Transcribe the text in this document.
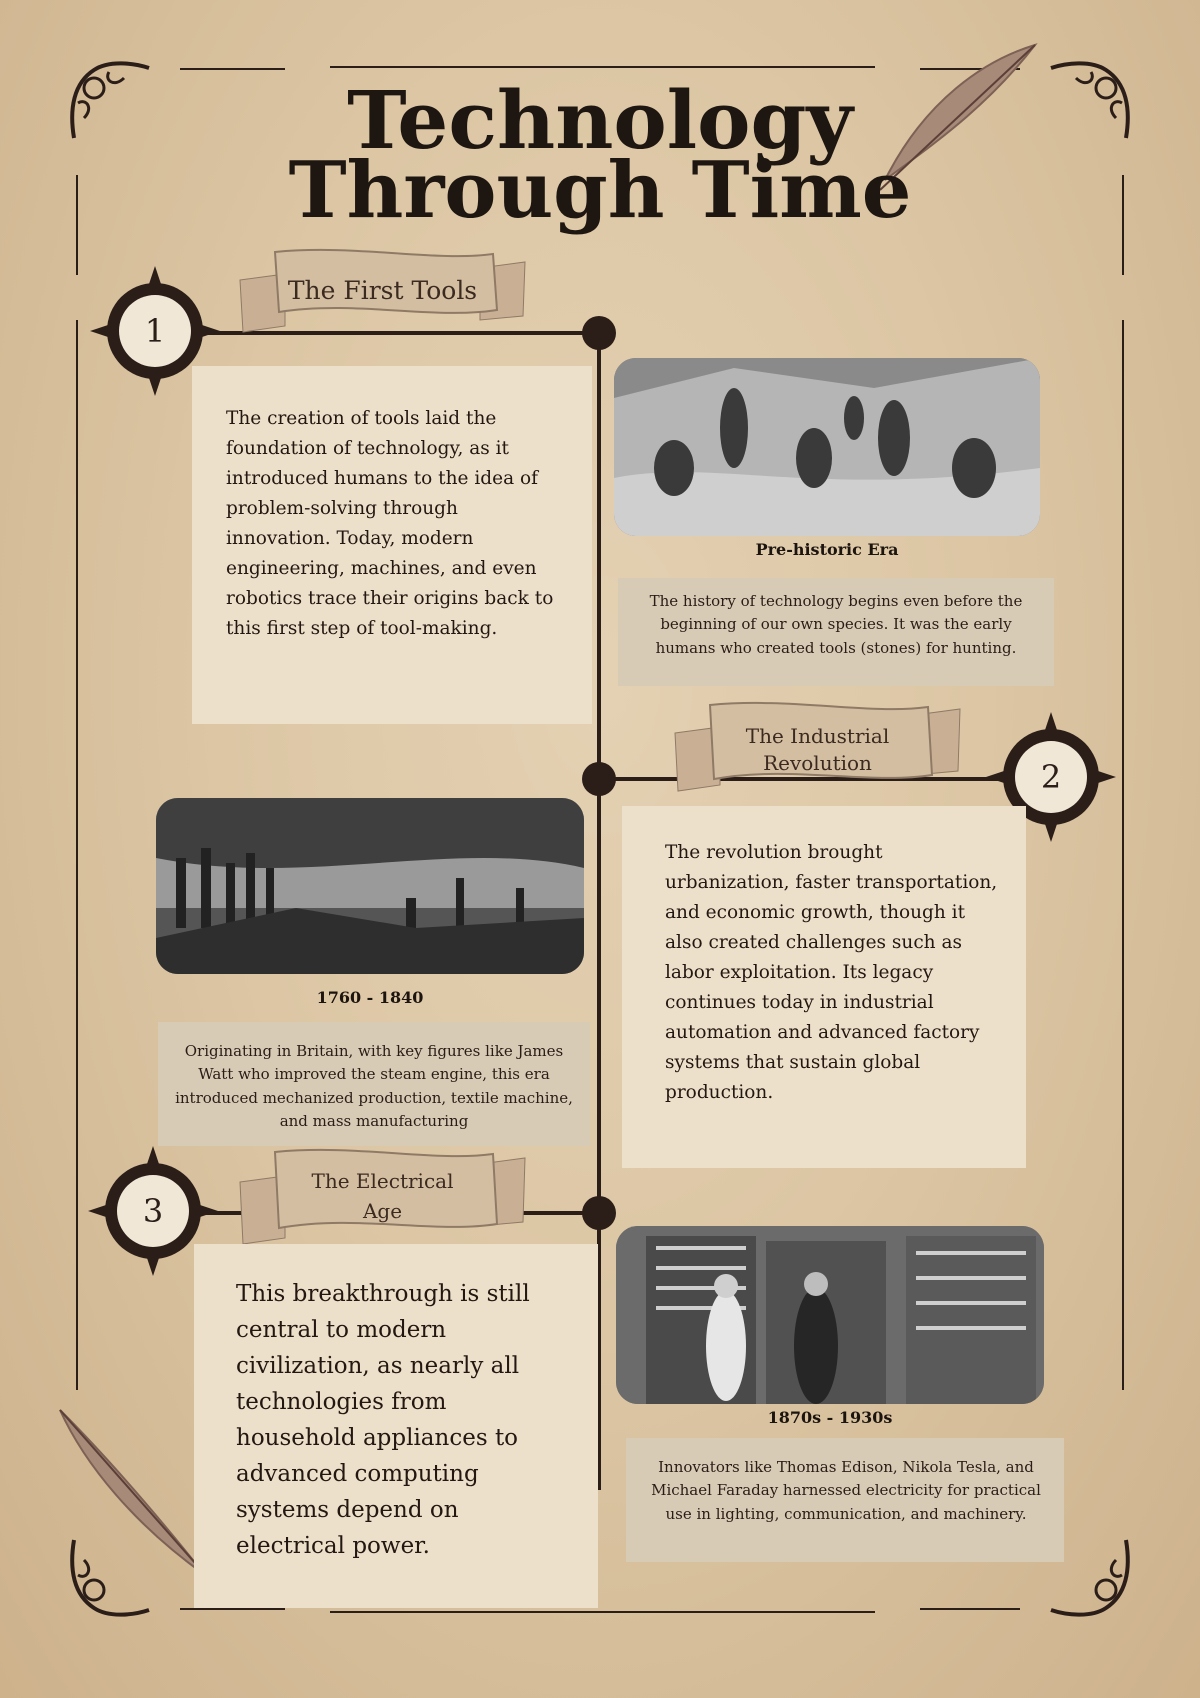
Technology
Through Time
1
The First Tools

The creation of tools laid the foundation of technology, as it introduced humans to the idea of problem-solving through innovation. Today, modern engineering, machines, and even robotics trace their origins back to this first step of tool-making.

Pre-historic Era

The history of technology begins even before the beginning of our own species. It was the early humans who created tools (stones) for hunting.

The Industrial
Revolution	2

The revolution brought urbanization, faster transportation, and economic growth, though it also created challenges such as labor exploitation. Its legacy continues today in industrial automation and advanced factory systems that sustain global production.

1760 - 1840

Originating in Britain, with key figures like James Watt who improved the steam engine, this era introduced mechanized production, textile machine, and mass manufacturing

3
The Electrical
Age

This breakthrough is still central to modern civilization, as nearly all technologies from household appliances to advanced computing systems depend on electrical power.

1870s - 1930s

Innovators like Thomas Edison, Nikola Tesla, and Michael Faraday harnessed electricity for practical use in lighting, communication, and machinery.
